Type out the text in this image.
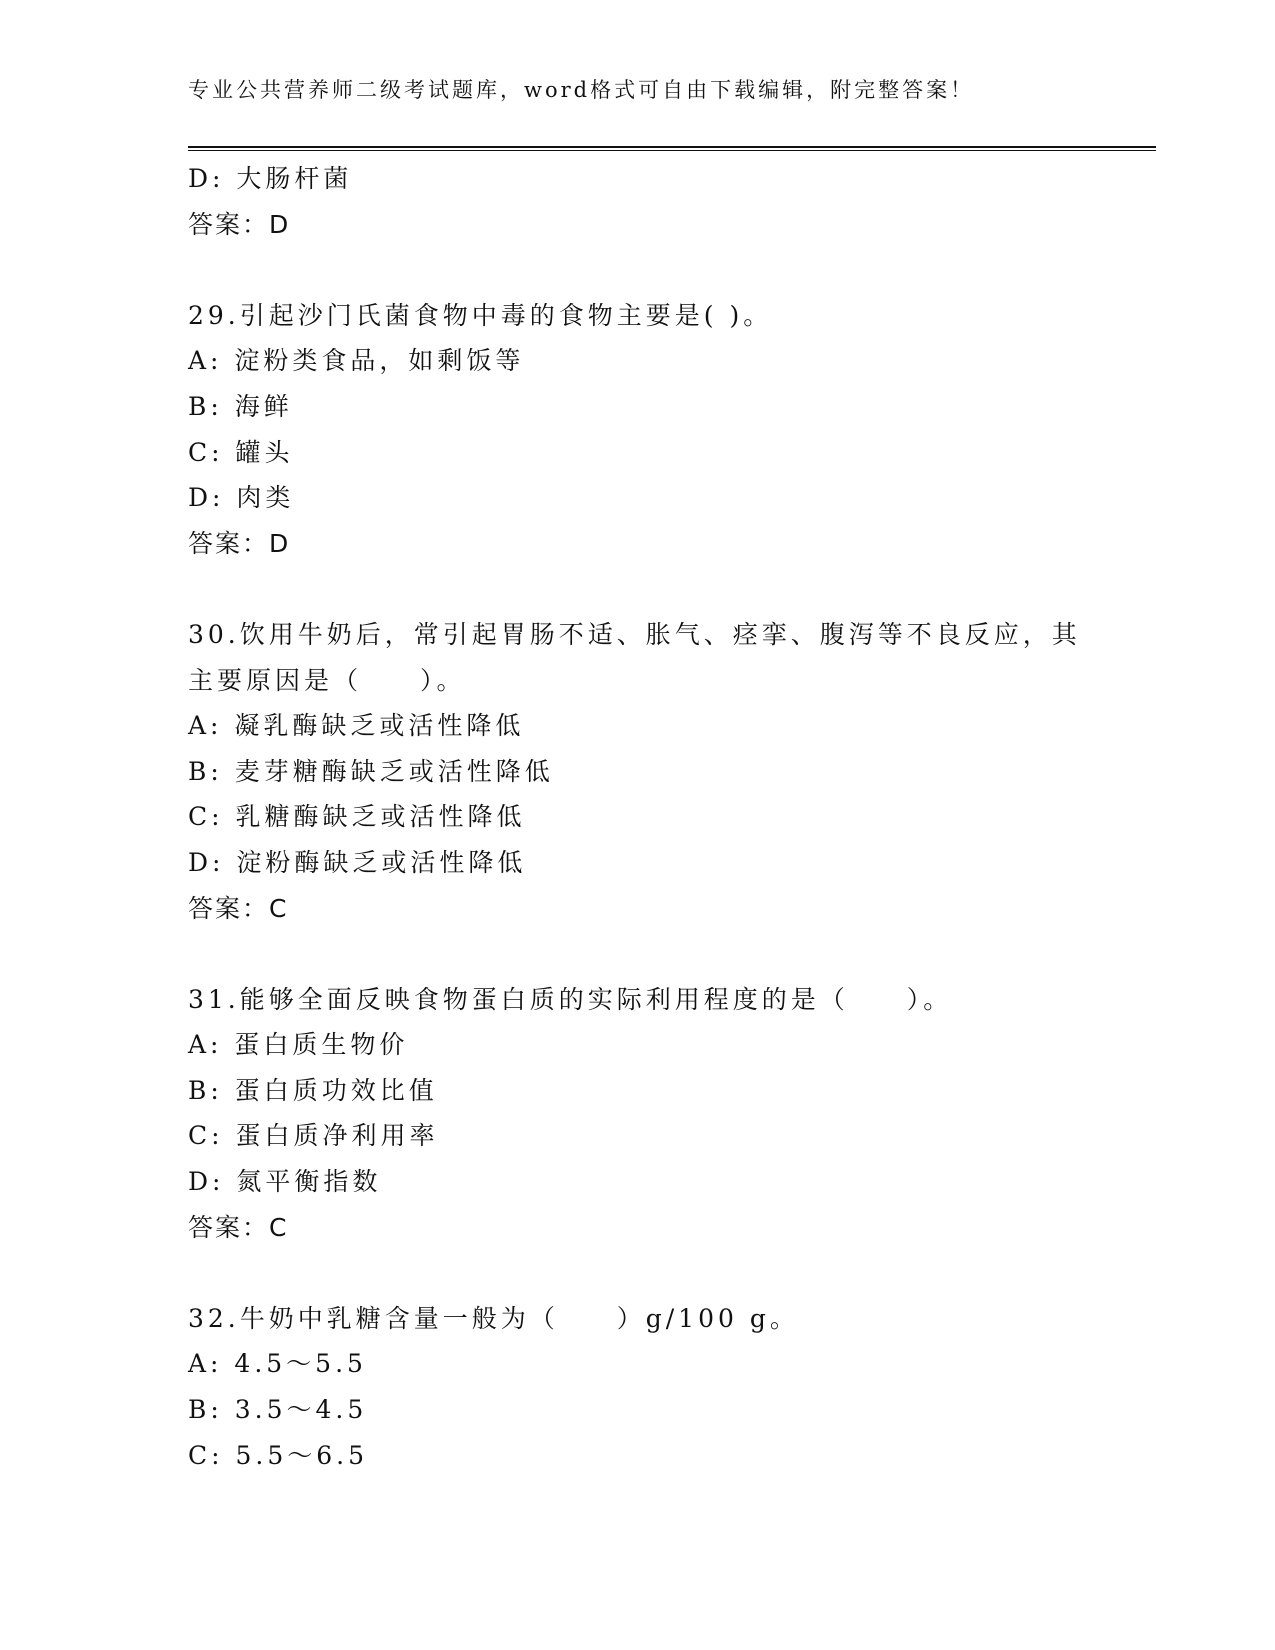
专业公共营养师二级考试题库，word格式可自由下载编辑，附完整答案！
D: 大肠杆菌
答案：D
29.引起沙门氏菌食物中毒的食物主要是( )。
A: 淀粉类食品，如剩饭等
B: 海鲜
C: 罐头
D: 肉类
答案：D
30.饮用牛奶后，常引起胃肠不适、胀气、痉挛、腹泻等不良反应，其
主要原因是（　　）。
A: 凝乳酶缺乏或活性降低
B: 麦芽糖酶缺乏或活性降低
C: 乳糖酶缺乏或活性降低
D: 淀粉酶缺乏或活性降低
答案：C
31.能够全面反映食物蛋白质的实际利用程度的是（　　）。
A: 蛋白质生物价
B: 蛋白质功效比值
C: 蛋白质净利用率
D: 氮平衡指数
答案：C
32.牛奶中乳糖含量一般为（　　）g/100 g。
A: 4.5～5.5
B: 3.5～4.5
C: 5.5～6.5
